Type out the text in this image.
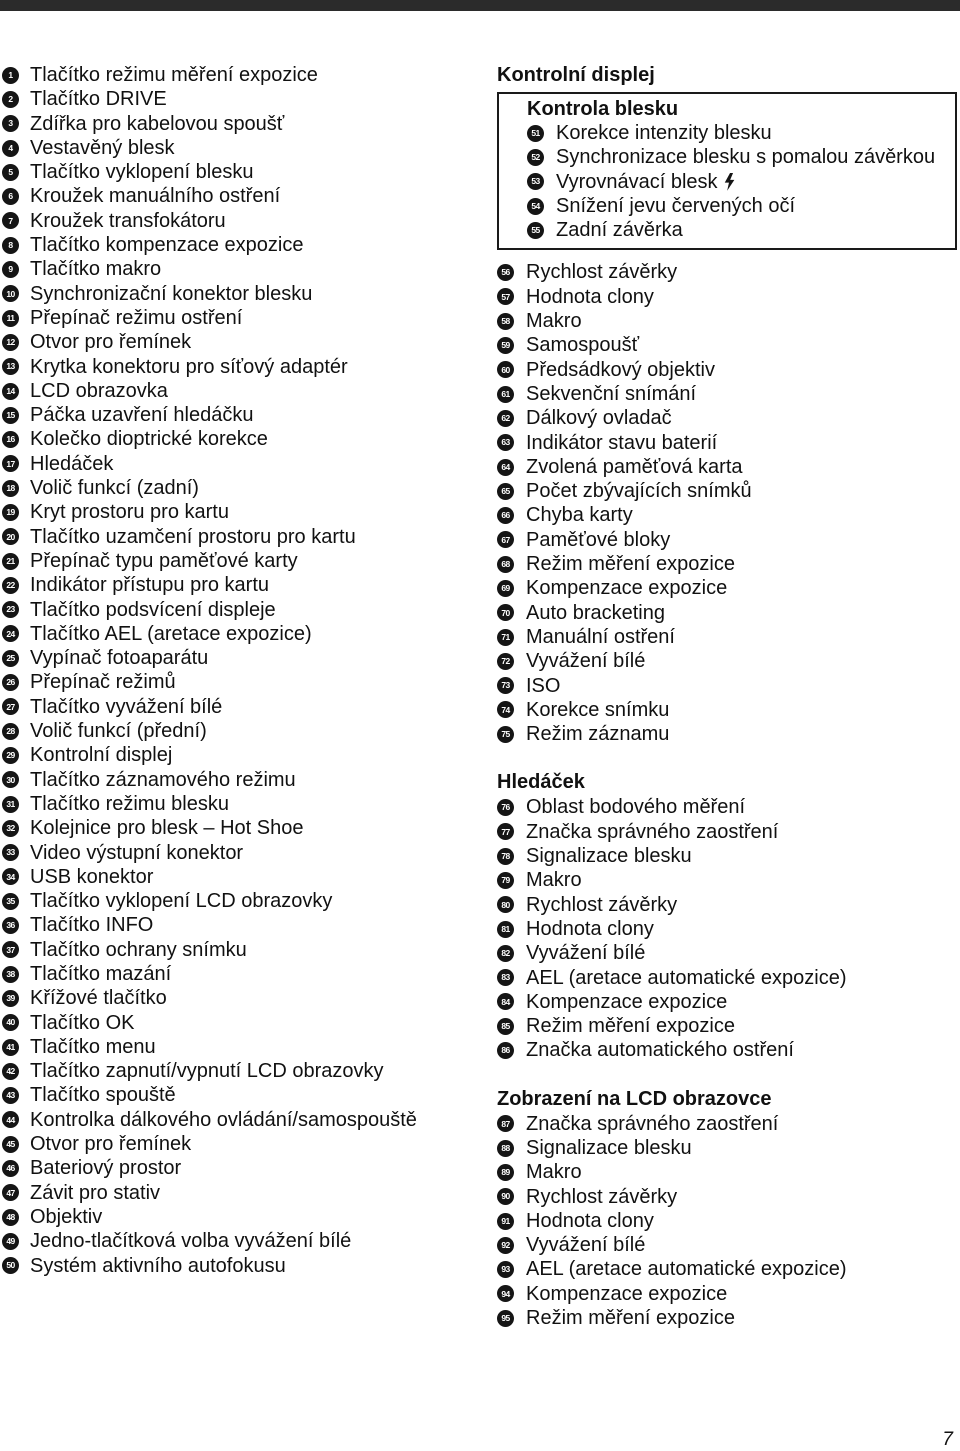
1 Tlačítko režimu měření expozice
2 Tlačítko DRIVE
3 Zdířka pro kabelovou spoušť
4 Vestavěný blesk
5 Tlačítko vyklopení blesku
6 Kroužek manuálního ostření
7 Kroužek transfokátoru
8 Tlačítko kompenzace expozice
9 Tlačítko makro
10 Synchronizační konektor blesku
11 Přepínač režimu ostření
12 Otvor pro řemínek
13 Krytka konektoru pro síťový adaptér
14 LCD obrazovka
15 Páčka uzavření hledáčku
16 Kolečko dioptrické korekce
17 Hledáček
18 Volič funkcí (zadní)
19 Kryt prostoru pro kartu
20 Tlačítko uzamčení prostoru pro kartu
21 Přepínač typu paměťové karty
22 Indikátor přístupu pro kartu
23 Tlačítko podsvícení displeje
24 Tlačítko AEL (aretace expozice)
25 Vypínač fotoaparátu
26 Přepínač režimů
27 Tlačítko vyvážení bílé
28 Volič funkcí (přední)
29 Kontrolní displej
30 Tlačítko záznamového režimu
31 Tlačítko režimu blesku
32 Kolejnice pro blesk – Hot Shoe
33 Video výstupní konektor
34 USB konektor
35 Tlačítko vyklopení LCD obrazovky
36 Tlačítko INFO
37 Tlačítko ochrany snímku
38 Tlačítko mazání
39 Křížové tlačítko
40 Tlačítko OK
41 Tlačítko menu
42 Tlačítko zapnutí/vypnutí LCD obrazovky
43 Tlačítko spouště
44 Kontrolka dálkového ovládání/samospouště
45 Otvor pro řemínek
46 Bateriový prostor
47 Závit pro stativ
48 Objektiv
49 Jedno-tlačítková volba vyvážení bílé
50 Systém aktivního autofokusu
Kontrolní displej
Kontrola blesku
51 Korekce intenzity blesku
52 Synchronizace blesku s pomalou závěrkou
53 Vyrovnávací blesk
54 Snížení jevu červených očí
55 Zadní závěrka
56 Rychlost závěrky
57 Hodnota clony
58 Makro
59 Samospoušť
60 Předsádkový objektiv
61 Sekvenční snímání
62 Dálkový ovladač
63 Indikátor stavu baterií
64 Zvolená paměťová karta
65 Počet zbývajících snímků
66 Chyba karty
67 Paměťové bloky
68 Režim měření expozice
69 Kompenzace expozice
70 Auto bracketing
71 Manuální ostření
72 Vyvážení bílé
73 ISO
74 Korekce snímku
75 Režim záznamu
Hledáček
76 Oblast bodového měření
77 Značka správného zaostření
78 Signalizace blesku
79 Makro
80 Rychlost závěrky
81 Hodnota clony
82 Vyvážení bílé
83 AEL (aretace automatické expozice)
84 Kompenzace expozice
85 Režim měření expozice
86 Značka automatického ostření
Zobrazení na LCD obrazovce
87 Značka správného zaostření
88 Signalizace blesku
89 Makro
90 Rychlost závěrky
91 Hodnota clony
92 Vyvážení bílé
93 AEL (aretace automatické expozice)
94 Kompenzace expozice
95 Režim měření expozice
7
